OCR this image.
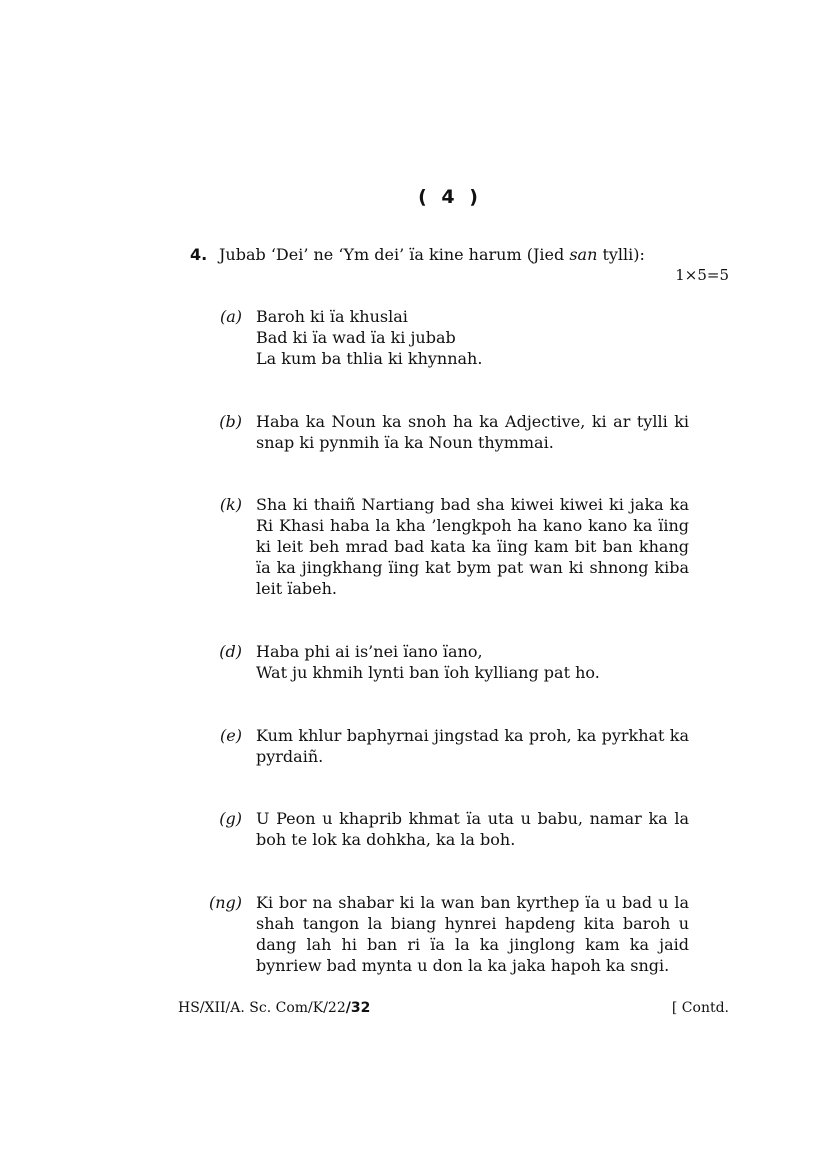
( 4 )
4. Jubab ‘Dei’ ne ‘Ym dei’ ïa kine harum (Jied san tylli):
1×5=5
(a) Baroh ki ïa khuslai
Bad ki ïa wad ïa ki jubab
La kum ba thlia ki khynnah.
(b) Haba ka Noun ka snoh ha ka Adjective, ki ar tylli ki snap ki pynmih ïa ka Noun thymmai.
(k) Sha ki thaiñ Nartiang bad sha kiwei kiwei ki jaka ka Ri Khasi haba la kha ’lengkpoh ha kano kano ka ïing ki leit beh mrad bad kata ka ïing kam bit ban khang ïa ka jingkhang ïing kat bym pat wan ki shnong kiba leit ïabeh.
(d) Haba phi ai is’nei ïano ïano,
Wat ju khmih lynti ban ïoh kylliang pat ho.
(e) Kum khlur baphyrnai jingstad ka proh, ka pyrkhat ka pyrdaiñ.
(g) U Peon u khaprib khmat ïa uta u babu, namar ka la boh te lok ka dohkha, ka la boh.
(ng) Ki bor na shabar ki la wan ban kyrthep ïa u bad u la shah tangon la biang hynrei hapdeng kita baroh u dang lah hi ban ri ïa la ka jinglong kam ka jaid bynriew bad mynta u don la ka jaka hapoh ka sngi.
HS/XII/A. Sc. Com/K/22/32	[ Contd.
